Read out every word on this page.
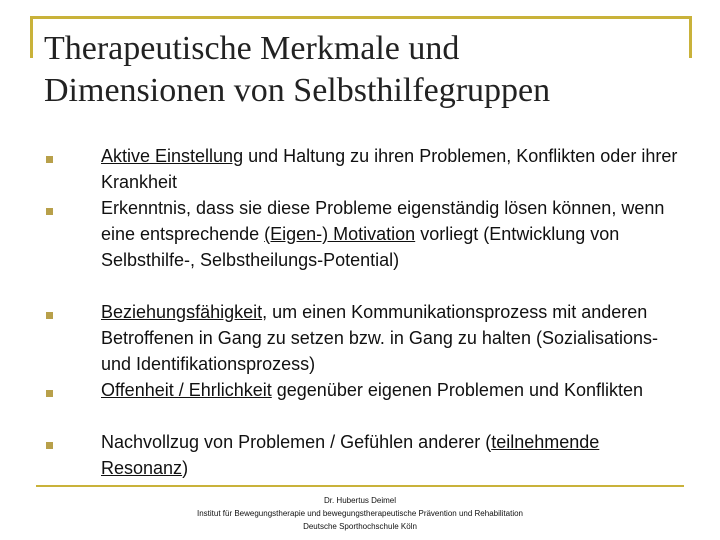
Therapeutische Merkmale und
Dimensionen von Selbsthilfegruppen
Aktive Einstellung und Haltung zu ihren Problemen, Konflikten oder ihrer Krankheit
Erkenntnis, dass sie diese Probleme eigenständig lösen können, wenn eine entsprechende (Eigen-) Motivation vorliegt (Entwicklung von Selbsthilfe-, Selbstheilungs-Potential)
Beziehungsfähigkeit, um einen Kommunikationsprozess mit anderen Betroffenen in Gang zu setzen bzw. in Gang zu halten (Sozialisations- und Identifikationsprozess)
Offenheit / Ehrlichkeit gegenüber eigenen Problemen und Konflikten
Nachvollzug von Problemen / Gefühlen anderer (teilnehmende Resonanz)
Dr. Hubertus Deimel
Institut für Bewegungstherapie und bewegungstherapeutische Prävention und Rehabilitation
Deutsche Sporthochschule Köln
